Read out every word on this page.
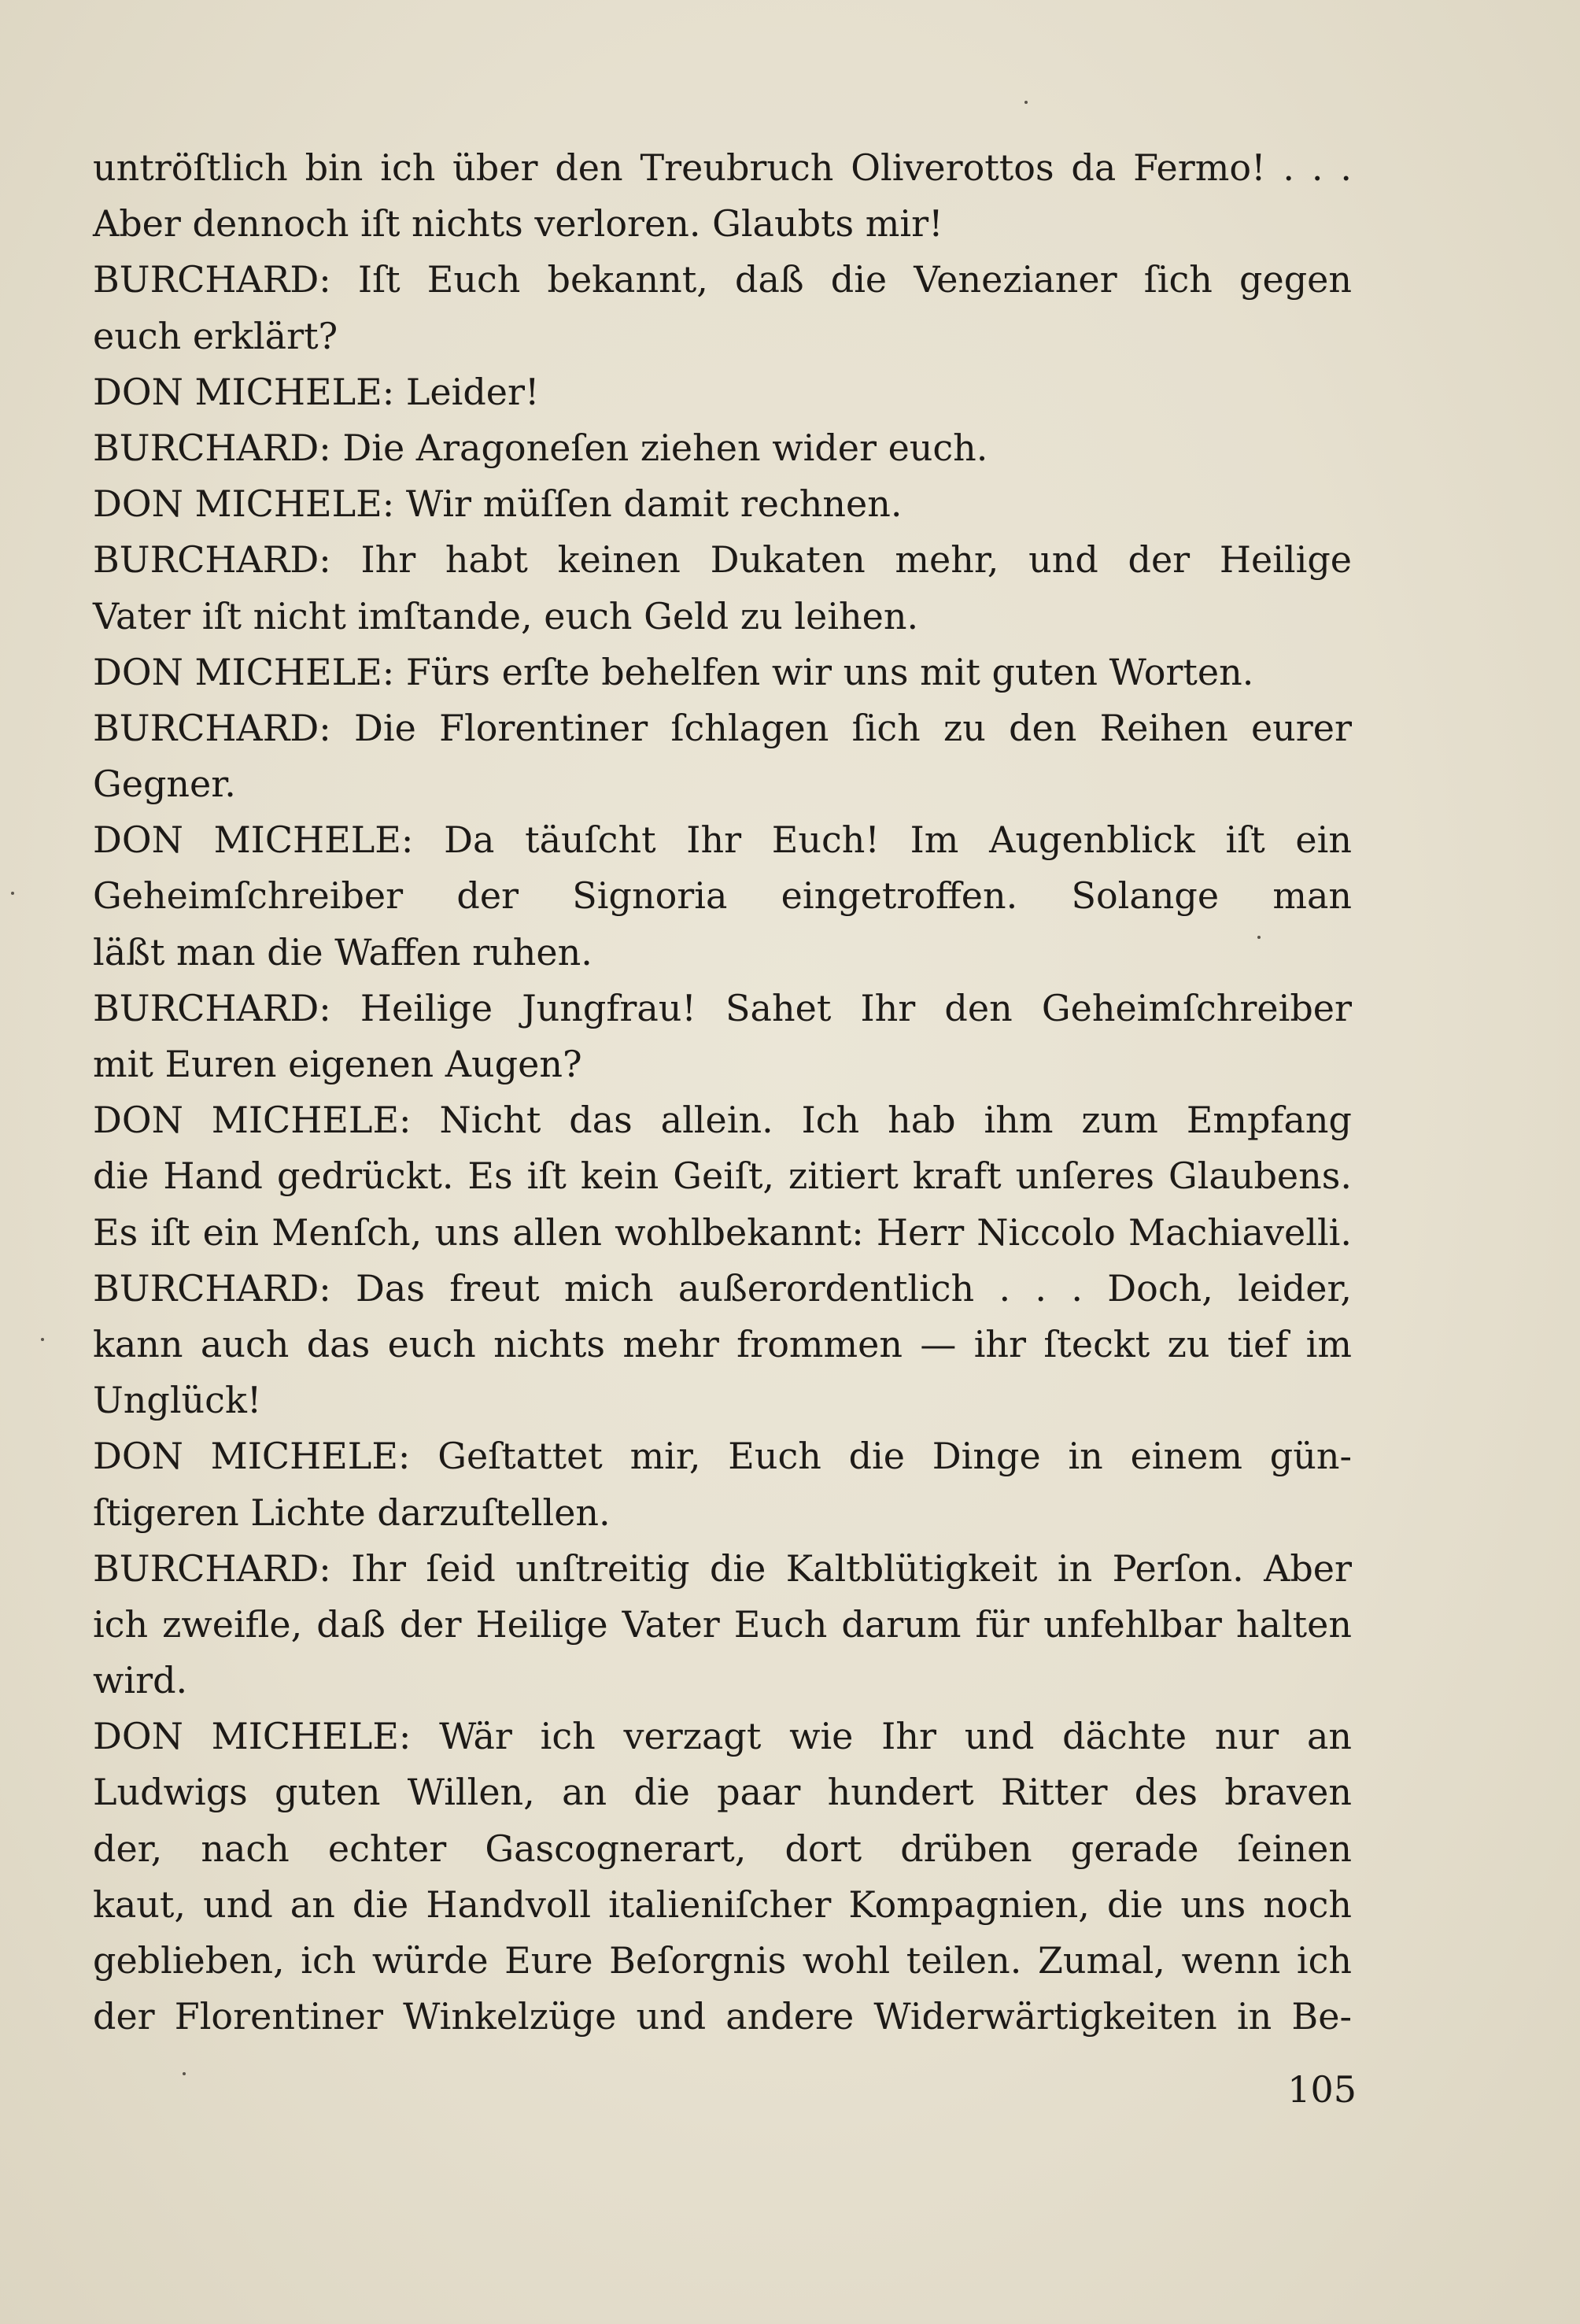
untröſtlich bin ich über den Treubruch Oliverottos da Fermo! . . .
Aber dennoch iſt nichts verloren. Glaubts mir!
BURCHARD: Iſt Euch bekannt, daß die Venezianer ſich gegen
euch erklärt?
DON MICHELE: Leider!
BURCHARD: Die Aragoneſen ziehen wider euch.
DON MICHELE: Wir müſſen damit rechnen.
BURCHARD: Ihr habt keinen Dukaten mehr, und der Heilige
Vater iſt nicht imſtande, euch Geld zu leihen.
DON MICHELE: Fürs erſte behelfen wir uns mit guten Worten.
BURCHARD: Die Florentiner ſchlagen ſich zu den Reihen eurer
Gegner.
DON MICHELE: Da täuſcht Ihr Euch! Im Augenblick iſt ein
Geheimſchreiber der Signoria eingetroffen. Solange man
läßt man die Waffen ruhen.
BURCHARD: Heilige Jungfrau! Sahet Ihr den Geheimſchreiber
mit Euren eigenen Augen?
DON MICHELE: Nicht das allein. Ich hab ihm zum Empfang
die Hand gedrückt. Es iſt kein Geiſt, zitiert kraft unſeres Glaubens.
Es iſt ein Menſch, uns allen wohlbekannt: Herr Niccolo Machiavelli.
BURCHARD: Das freut mich außerordentlich . . . Doch, leider,
kann auch das euch nichts mehr frommen — ihr ſteckt zu tief im
Unglück!
DON MICHELE: Geſtattet mir, Euch die Dinge in einem gün-
ſtigeren Lichte darzuſtellen.
BURCHARD: Ihr ſeid unſtreitig die Kaltblütigkeit in Perſon. Aber
ich zweifle, daß der Heilige Vater Euch darum für unfehlbar halten
wird.
DON MICHELE: Wär ich verzagt wie Ihr und dächte nur an
Ludwigs guten Willen, an die paar hundert Ritter des braven
der, nach echter Gascognerart, dort drüben gerade ſeinen
kaut, und an die Handvoll italieniſcher Kompagnien, die uns noch
geblieben, ich würde Eure Beſorgnis wohl teilen. Zumal, wenn ich
der Florentiner Winkelzüge und andere Widerwärtigkeiten in Be-
105
